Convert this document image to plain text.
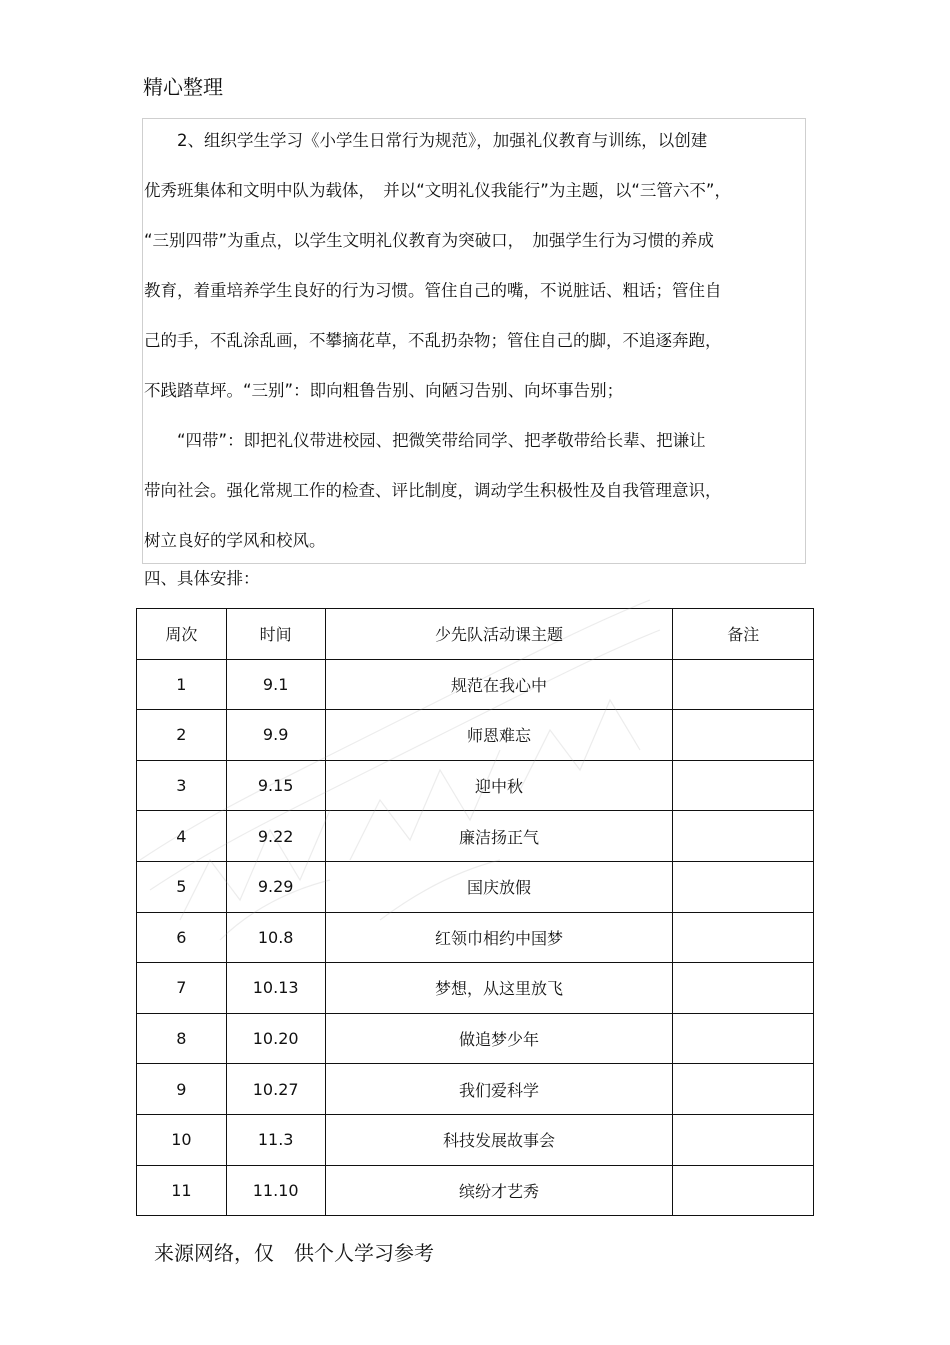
精心整理
　　2、组织学生学习《小学生日常行为规范》，加强礼仪教育与训练，以创建
优秀班集体和文明中队为载体，　并以“文明礼仪我能行”为主题，以“三管六不”，
“三别四带”为重点，以学生文明礼仪教育为突破口，　加强学生行为习惯的养成
教育，着重培养学生良好的行为习惯。管住自己的嘴，不说脏话、粗话；管住自
己的手，不乱涂乱画，不攀摘花草，不乱扔杂物；管住自己的脚，不追逐奔跑，
不践踏草坪。“三别”：即向粗鲁告别、向陋习告别、向坏事告别；
　　“四带”：即把礼仪带进校园、把微笑带给同学、把孝敬带给长辈、把谦让
带向社会。强化常规工作的检查、评比制度，调动学生积极性及自我管理意识，
树立良好的学风和校风。
四、具体安排：
周次	时间	少先队活动课主题	备注
1	9.1	规范在我心中	
2	9.9	师恩难忘	
3	9.15	迎中秋	
4	9.22	廉洁扬正气	
5	9.29	国庆放假	
6	10.8	红领巾相约中国梦	
7	10.13	梦想，从这里放飞	
8	10.20	做追梦少年	
9	10.27	我们爱科学	
10	11.3	科技发展故事会	
11	11.10	缤纷才艺秀	
来源网络，仅　供个人学习参考
